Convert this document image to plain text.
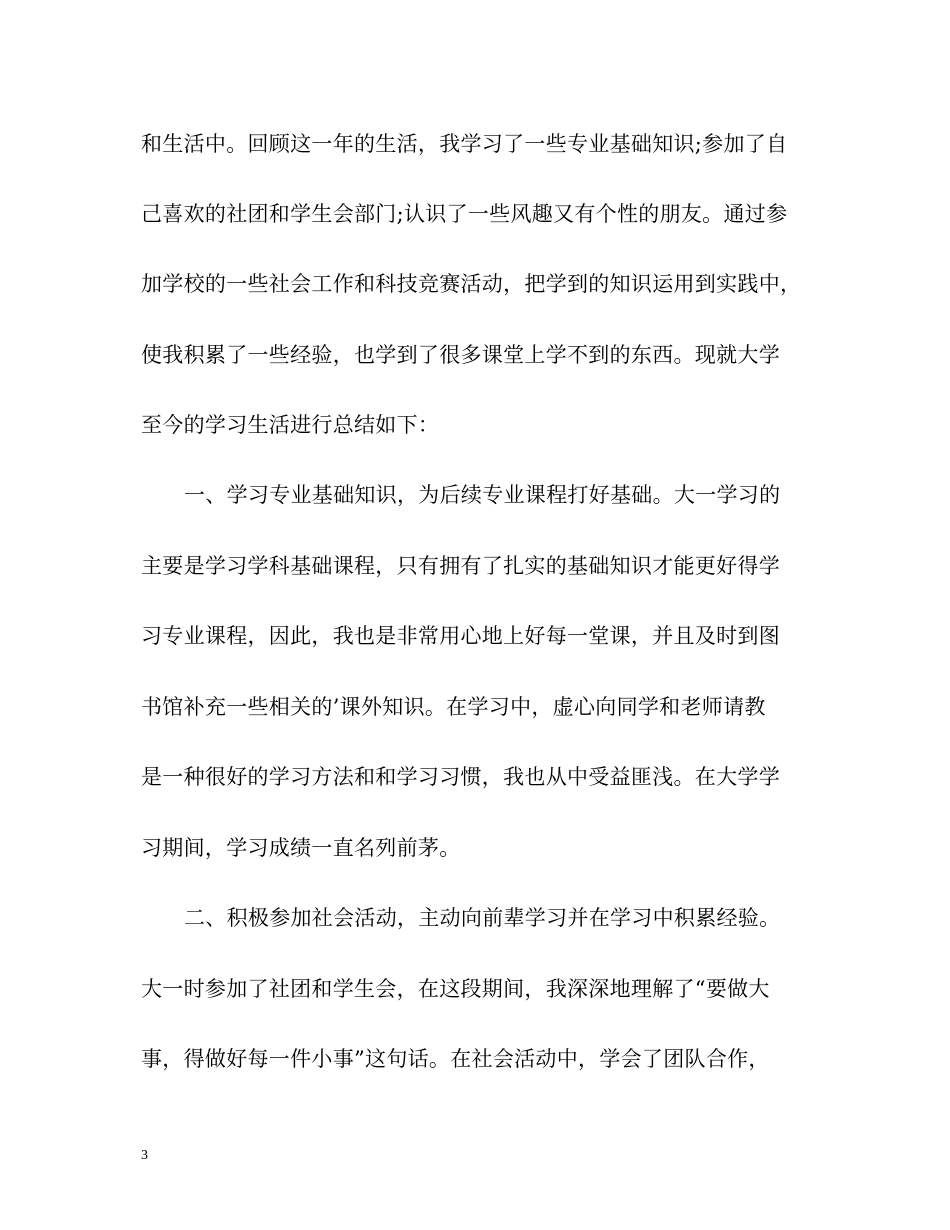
和生活中。回顾这一年的生活，我学习了一些专业基础知识;参加了自
己喜欢的社团和学生会部门;认识了一些风趣又有个性的朋友。通过参
加学校的一些社会工作和科技竞赛活动，把学到的知识运用到实践中，
使我积累了一些经验，也学到了很多课堂上学不到的东西。现就大学
至今的学习生活进行总结如下：
一、学习专业基础知识，为后续专业课程打好基础。大一学习的
主要是学习学科基础课程，只有拥有了扎实的基础知识才能更好得学
习专业课程，因此，我也是非常用心地上好每一堂课，并且及时到图
书馆补充一些相关的’课外知识。在学习中，虚心向同学和老师请教
是一种很好的学习方法和和学习习惯，我也从中受益匪浅。在大学学
习期间，学习成绩一直名列前茅。
二、积极参加社会活动，主动向前辈学习并在学习中积累经验。
大一时参加了社团和学生会，在这段期间，我深深地理解了“要做大
事，得做好每一件小事”这句话。在社会活动中，学会了团队合作，
3
